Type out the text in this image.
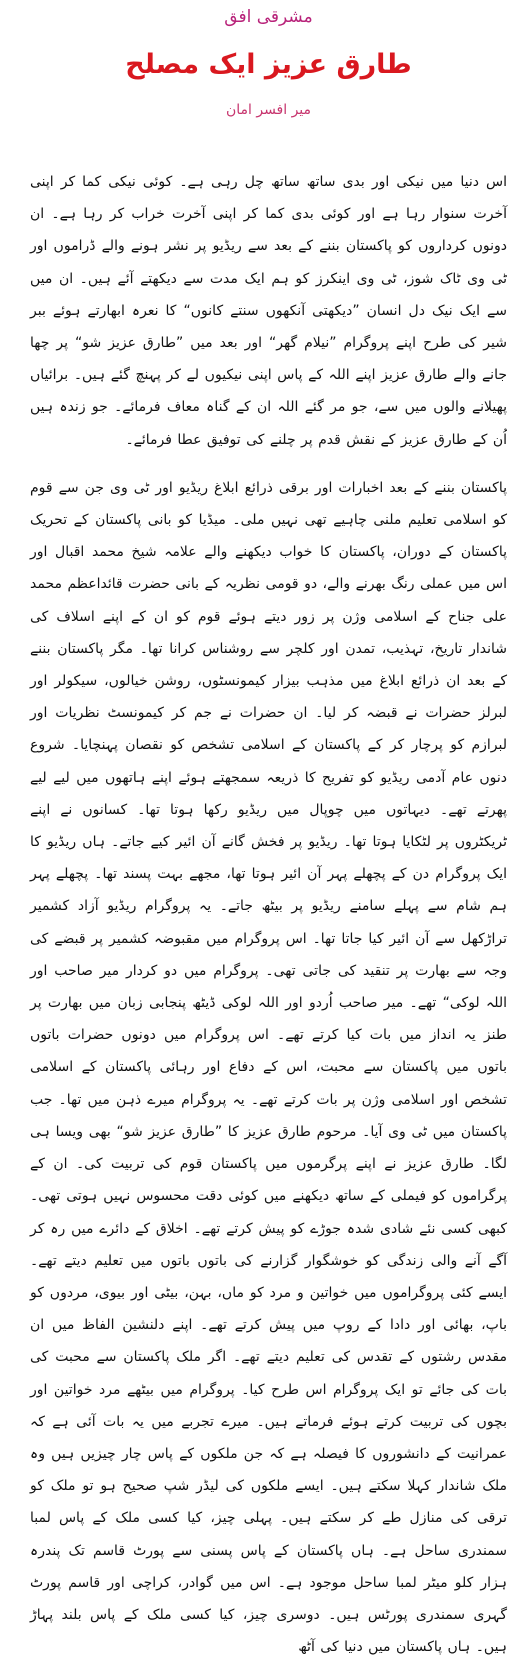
مشرقی افق
طارق عزیز ایک مصلح
میر افسر امان

اس دنیا میں نیکی اور بدی ساتھ ساتھ چل رہی ہے۔ کوئی نیکی کما کر اپنی آخرت سنوار رہا ہے اور کوئی بدی کما کر اپنی آخرت خراب کر رہا ہے۔ ان دونوں کرداروں کو پاکستان بننے کے بعد سے ریڈیو پر نشر ہونے والے ڈراموں اور ٹی وی ٹاک شوز، ٹی وی اینکرز کو ہم ایک مدت سے دیکھتے آئے ہیں۔ ان میں سے ایک نیک دل انسان ”دیکھتی آنکھوں سنتے کانوں“ کا نعرہ ابھارتے ہوئے ببر شیر کی طرح اپنے پروگرام ”نیلام گھر“ اور بعد میں ”طارق عزیز شو“ پر چھا جانے والے طارق عزیز اپنے اللہ کے پاس اپنی نیکیوں لے کر پہنچ گئے ہیں۔ برائیاں پھیلانے والوں میں سے، جو مر گئے اللہ ان کے گناہ معاف فرمائے۔ جو زندہ ہیں اُن کے طارق عزیز کے نقش قدم پر چلنے کی توفیق عطا فرمائے۔

پاکستان بننے کے بعد اخبارات اور برقی ذرائع ابلاغ ریڈیو اور ٹی وی جن سے قوم کو اسلامی تعلیم ملنی چاہیے تھی نہیں ملی۔ میڈیا کو بانی پاکستان کے تحریک پاکستان کے دوران، پاکستان کا خواب دیکھنے والے علامہ شیخ محمد اقبال اور اس میں عملی رنگ بھرنے والے، دو قومی نظریہ کے بانی حضرت قائداعظم محمد علی جناح کے اسلامی وژن پر زور دیتے ہوئے قوم کو ان کے اپنے اسلاف کی شاندار تاریخ، تہذیب، تمدن اور کلچر سے روشناس کرانا تھا۔ مگر پاکستان بننے کے بعد ان ذرائع ابلاغ میں مذہب بیزار کیمونسٹوں، روشن خیالوں، سیکولر اور لبرلز حضرات نے قبضہ کر لیا۔ ان حضرات نے جم کر کیمونسٹ نظریات اور لبرازم کو پرچار کر کے پاکستان کے اسلامی تشخص کو نقصان پہنچایا۔ شروع دنوں عام آدمی ریڈیو کو تفریح کا ذریعہ سمجھتے ہوئے اپنے ہاتھوں میں لیے لیے پھرتے تھے۔ دیہاتوں میں چوپال میں ریڈیو رکھا ہوتا تھا۔ کسانوں نے اپنے ٹریکٹروں پر لٹکایا ہوتا تھا۔ ریڈیو پر فخش گانے آن ائیر کیے جاتے۔ ہاں ریڈیو کا ایک پروگرام دن کے پچھلے پہر آن ائیر ہوتا تھا، مجھے بہت پسند تھا۔ پچھلے پہر ہم شام سے پہلے سامنے ریڈیو پر بیٹھ جاتے۔ یہ پروگرام ریڈیو آزاد کشمیر تراڑکھل سے آن ائیر کیا جاتا تھا۔ اس پروگرام میں مقبوضہ کشمیر پر قبضے کی وجہ سے بھارت پر تنقید کی جاتی تھی۔ پروگرام میں دو کردار میر صاحب اور اللہ لوکی“ تھے۔ میر صاحب اُردو اور اللہ لوکی ڈیٹھ پنجابی زبان میں بھارت پر طنز یہ انداز میں بات کیا کرتے تھے۔ اس پروگرام میں دونوں حضرات باتوں باتوں میں پاکستان سے محبت، اس کے دفاع اور رہائی پاکستان کے اسلامی تشخص اور اسلامی وژن پر بات کرتے تھے۔ یہ پروگرام میرے ذہن میں تھا۔ جب پاکستان میں ٹی وی آیا۔ مرحوم طارق عزیز کا ”طارق عزیز شو“ بھی ویسا ہی لگا۔ طارق عزیز نے اپنے پرگرموں میں پاکستان قوم کی تربیت کی۔ ان کے پرگراموں کو فیملی کے ساتھ دیکھنے میں کوئی دقت محسوس نہیں ہوتی تھی۔ کبھی کسی نئے شادی شدہ جوڑے کو پیش کرتے تھے۔ اخلاق کے دائرے میں رہ کر آگے آنے والی زندگی کو خوشگوار گزارنے کی باتوں باتوں میں تعلیم دیتے تھے۔ ایسے کئی پروگراموں میں خواتین و مرد کو ماں، بہن، بیٹی اور بیوی، مردوں کو باپ، بھائی اور دادا کے روپ میں پیش کرتے تھے۔ اپنے دلنشین الفاظ میں ان مقدس رشتوں کے تقدس کی تعلیم دیتے تھے۔ اگر ملک پاکستان سے محبت کی بات کی جائے تو ایک پروگرام اس طرح کیا۔ پروگرام میں بیٹھے مرد خواتین اور بچوں کی تربیت کرتے ہوئے فرماتے ہیں۔ میرے تجربے میں یہ بات آئی ہے کہ عمرانیت کے دانشوروں کا فیصلہ ہے کہ جن ملکوں کے پاس چار چیزیں ہیں وہ ملک شاندار کہلا سکتے ہیں۔ ایسے ملکوں کی لیڈر شپ صحیح ہو تو ملک کو ترقی کی منازل طے کر سکتے ہیں۔ پہلی چیز، کیا کسی ملک کے پاس لمبا سمندری ساحل ہے۔ ہاں پاکستان کے پاس پسنی سے پورٹ قاسم تک پندرہ ہزار کلو میٹر لمبا ساحل موجود ہے۔ اس میں گوادر، کراچی اور قاسم پورٹ گہری سمندری پورٹس ہیں۔ دوسری چیز، کیا کسی ملک کے پاس بلند پہاڑ ہیں۔ ہاں پاکستان میں دنیا کی آٹھ
